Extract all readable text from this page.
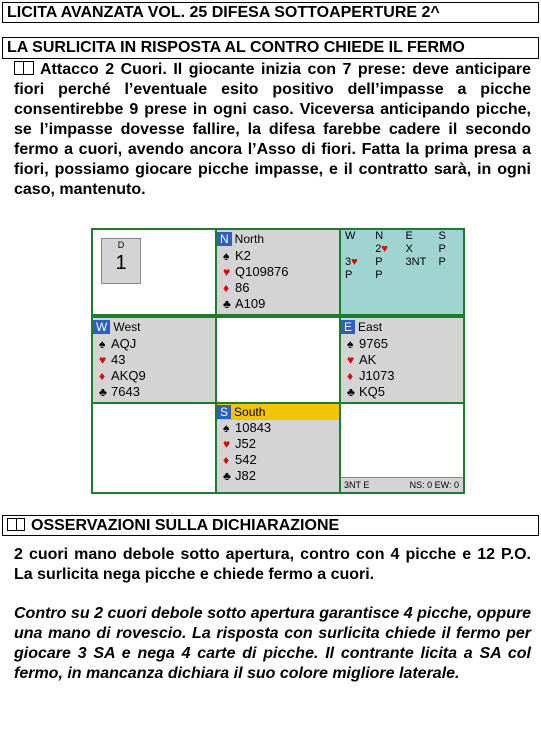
LICITA AVANZATA VOL. 25 DIFESA SOTTOAPERTURE 2^
LA SURLICITA IN RISPOSTA AL CONTRO CHIEDE IL FERMO
Attacco 2 Cuori. Il giocante inizia con 7 prese: deve anticipare fiori perché l’eventuale esito positivo dell’impasse a picche consentirebbe 9 prese in ogni caso. Viceversa anticipando picche, se l’impasse dovesse fallire, la difesa farebbe cadere il secondo fermo a cuori, avendo ancora l’Asso di fiori. Fatta la prima presa a fiori, possiamo giocare picche impasse, e il contratto sarà, in ogni caso, mantenuto.
D
1
N North
♠ K2
♥ Q109876
♦ 86
♣ A109
W	N	E	S
	2♥	X	P
3♥	P	3NT	P
P	P		
W West
♠ AQJ
♥ 43
♦ AKQ9
♣ 7643
E East
♠ 9765
♥ AK
♦ J1073
♣ KQ5
S South
♠ 10843
♥ J52
♦ 542
♣ J82
3NT E	NS: 0 EW: 0
OSSERVAZIONI SULLA DICHIARAZIONE
2 cuori mano debole sotto apertura, contro con 4 picche e 12 P.O. La surlicita nega picche e chiede fermo a cuori.
Contro su 2 cuori debole sotto apertura garantisce 4 picche, oppure una mano di rovescio. La risposta con surlicita chiede il fermo per giocare 3 SA e nega 4 carte di picche. Il contrante licita a SA col fermo, in mancanza dichiara il suo colore migliore laterale.
